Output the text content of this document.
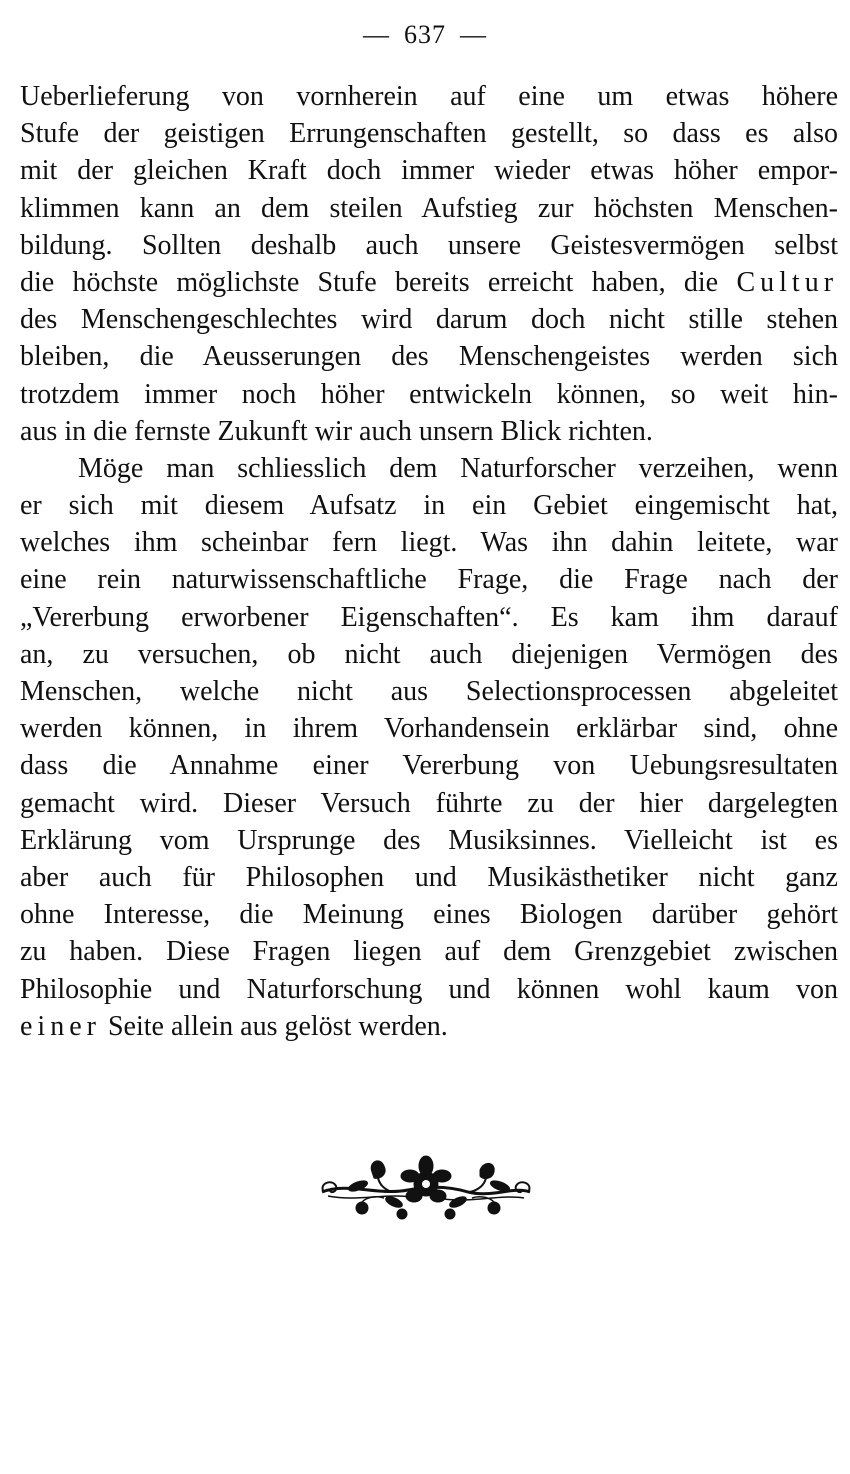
— 637 —
Ueberlieferung von vornherein auf eine um etwas höhere
Stufe der geistigen Errungenschaften gestellt, so dass es also
mit der gleichen Kraft doch immer wieder etwas höher empor-
klimmen kann an dem steilen Aufstieg zur höchsten Menschen-
bildung. Sollten deshalb auch unsere Geistesvermögen selbst
die höchste möglichste Stufe bereits erreicht haben, die Cultur
des Menschengeschlechtes wird darum doch nicht stille stehen
bleiben, die Aeusserungen des Menschengeistes werden sich
trotzdem immer noch höher entwickeln können, so weit hin-
aus in die fernste Zukunft wir auch unsern Blick richten.
Möge man schliesslich dem Naturforscher verzeihen, wenn
er sich mit diesem Aufsatz in ein Gebiet eingemischt hat,
welches ihm scheinbar fern liegt. Was ihn dahin leitete, war
eine rein naturwissenschaftliche Frage, die Frage nach der
„Vererbung erworbener Eigenschaften“. Es kam ihm darauf
an, zu versuchen, ob nicht auch diejenigen Vermögen des
Menschen, welche nicht aus Selectionsprocessen abgeleitet
werden können, in ihrem Vorhandensein erklärbar sind, ohne
dass die Annahme einer Vererbung von Uebungsresultaten
gemacht wird. Dieser Versuch führte zu der hier dargelegten
Erklärung vom Ursprunge des Musiksinnes. Vielleicht ist es
aber auch für Philosophen und Musikästhetiker nicht ganz
ohne Interesse, die Meinung eines Biologen darüber gehört
zu haben. Diese Fragen liegen auf dem Grenzgebiet zwischen
Philosophie und Naturforschung und können wohl kaum von
einer Seite allein aus gelöst werden.
